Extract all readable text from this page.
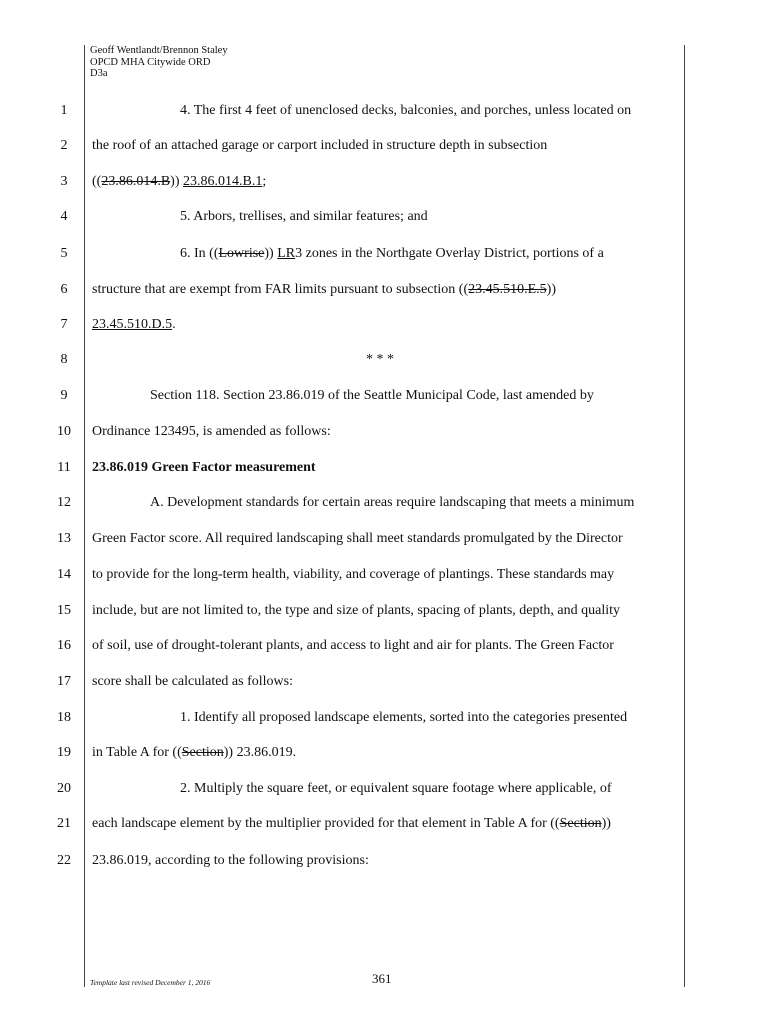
Geoff Wentlandt/Brennon Staley
OPCD MHA Citywide ORD
D3a
1	4. The first 4 feet of unenclosed decks, balconies, and porches, unless located on
2	the roof of an attached garage or carport included in structure depth in subsection
3	((23.86.014.B)) 23.86.014.B.1;
4	5. Arbors, trellises, and similar features; and
5	6. In ((Lowrise)) LR3 zones in the Northgate Overlay District, portions of a
6	structure that are exempt from FAR limits pursuant to subsection ((23.45.510.E.5))
7	23.45.510.D.5.
8	* * *
9	Section 118. Section 23.86.019 of the Seattle Municipal Code, last amended by
10 Ordinance 123495, is amended as follows:
11 23.86.019 Green Factor measurement
12	A. Development standards for certain areas require landscaping that meets a minimum
13 Green Factor score. All required landscaping shall meet standards promulgated by the Director
14 to provide for the long-term health, viability, and coverage of plantings. These standards may
15 include, but are not limited to, the type and size of plants, spacing of plants, depth, and quality
16 of soil, use of drought-tolerant plants, and access to light and air for plants. The Green Factor
17 score shall be calculated as follows:
18	1. Identify all proposed landscape elements, sorted into the categories presented
19 in Table A for ((Section)) 23.86.019.
20	2. Multiply the square feet, or equivalent square footage where applicable, of
21 each landscape element by the multiplier provided for that element in Table A for ((Section))
22 23.86.019, according to the following provisions:
Template last revised December 1, 2016	361
